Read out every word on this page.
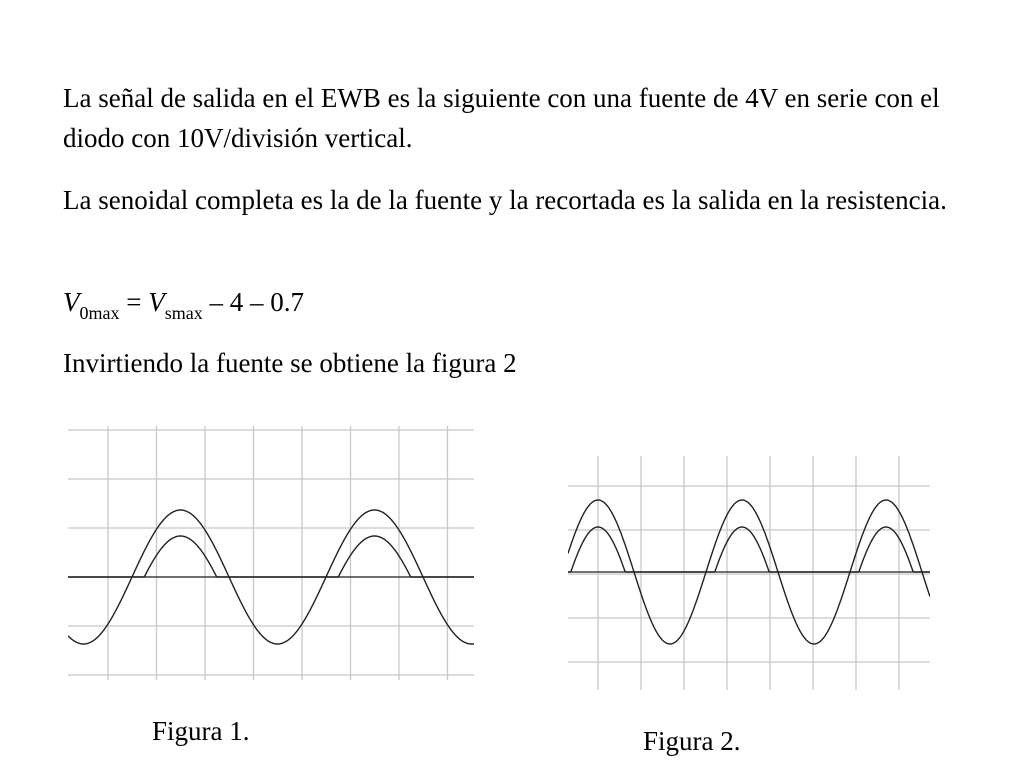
La señal de salida en el EWB es la siguiente con una fuente de 4V en serie con el diodo con 10V/división vertical.

La senoidal completa es la de la fuente y la recortada es la salida en la resistencia.

$V_{0max} = V_{smax} - 4 - 0.7$

Invirtiendo la fuente se obtiene la figura 2

Figura 1.	Figura 2.
